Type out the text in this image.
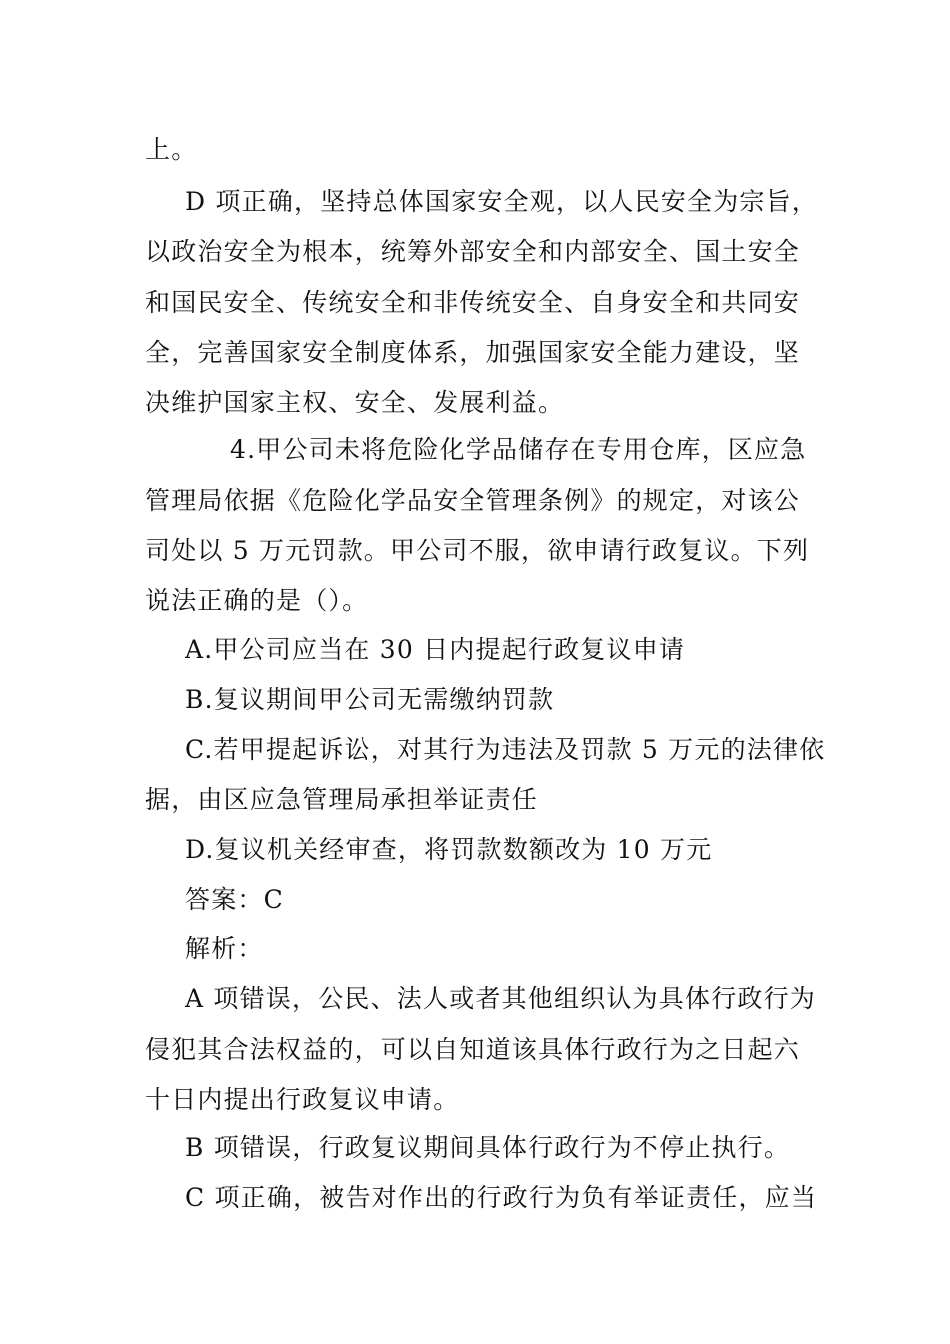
上。
D 项正确，坚持总体国家安全观，以人民安全为宗旨，
以政治安全为根本，统筹外部安全和内部安全、国土安全
和国民安全、传统安全和非传统安全、自身安全和共同安
全，完善国家安全制度体系，加强国家安全能力建设，坚
决维护国家主权、安全、发展利益。
4.甲公司未将危险化学品储存在专用仓库，区应急
管理局依据《危险化学品安全管理条例》的规定，对该公
司处以 5 万元罚款。甲公司不服，欲申请行政复议。下列
说法正确的是（）。
A.甲公司应当在 30 日内提起行政复议申请
B.复议期间甲公司无需缴纳罚款
C.若甲提起诉讼，对其行为违法及罚款 5 万元的法律依
据，由区应急管理局承担举证责任
D.复议机关经审查，将罚款数额改为 10 万元
答案：C
解析：
A 项错误，公民、法人或者其他组织认为具体行政行为
侵犯其合法权益的，可以自知道该具体行政行为之日起六
十日内提出行政复议申请。
B 项错误，行政复议期间具体行政行为不停止执行。
C 项正确，被告对作出的行政行为负有举证责任，应当
